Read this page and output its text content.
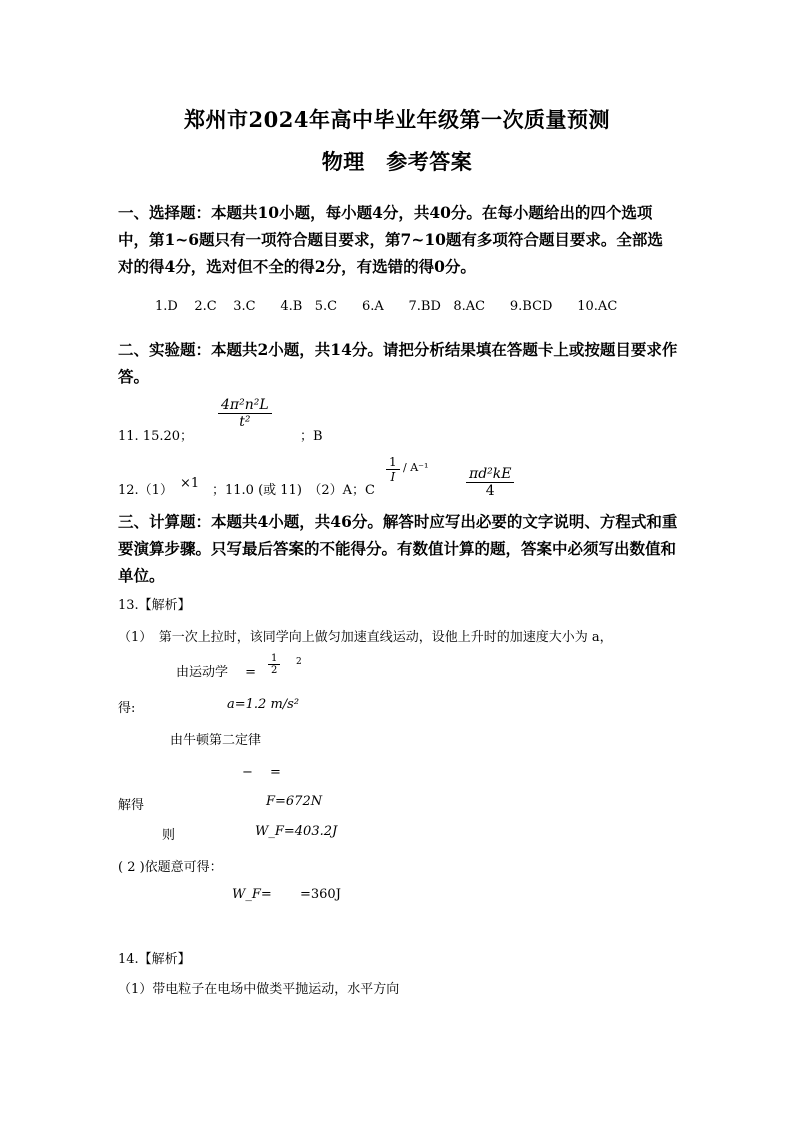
郑州市2024年高中毕业年级第一次质量预测
物理　参考答案
一、选择题：本题共10小题，每小题4分，共40分。在每小题给出的四个选项中，第1~6题只有一项符合题目要求，第7~10题有多项符合题目要求。全部选对的得4分，选对但不全的得2分，有选错的得0分。
1.D 2.C 3.C 4.B 5.C 6.A 7.BD 8.AC 9.BCD 10.AC
二、实验题：本题共2小题，共14分。请把分析结果填在答题卡上或按题目要求作答。
11. 15.20；
$\frac{\text{4π²n²L}}{\text{t²}}$
；B
12.（1） ×1 ；11.0 (或 11)　（2）A；C
$\frac{1}{I} / A^{-1}$	$\frac{\text{πd²kE}}{4}$
三、计算题：本题共4小题，共46分。解答时应写出必要的文字说明、方程式和重要演算步骤。只写最后答案的不能得分。有数值计算的题，答案中必须写出数值和单位。
13.【解析】
（1）　第一次上拉时，该同学向上做匀加速直线运动，设他上升时的加速度大小为 a，
由运动学　 = $\frac{1}{2} 2$
得:	a=1.2 m/s²
由牛顿第二定律
−　 =
解得	F=672N
则	W_F=403.2J
( 2 )依题意可得：
W_F= =360J
14.【解析】
（1）带电粒子在电场中做类平抛运动，水平方向
